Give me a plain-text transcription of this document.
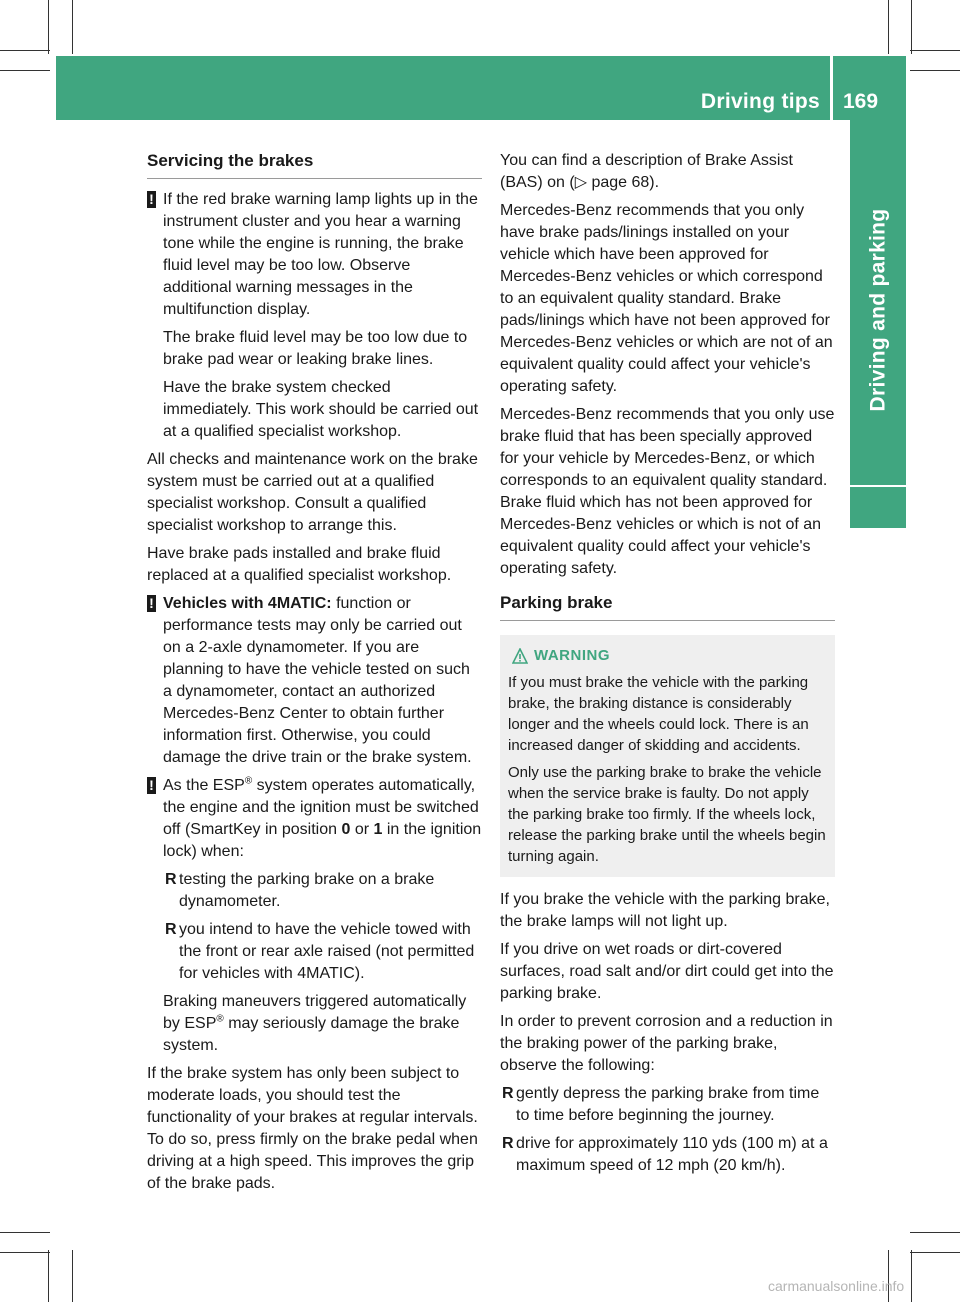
Driving tips 169
Driving and parking
Servicing the brakes
! If the red brake warning lamp lights up in the instrument cluster and you hear a warning tone while the engine is running, the brake fluid level may be too low. Observe additional warning messages in the multifunction display.

The brake fluid level may be too low due to brake pad wear or leaking brake lines.

Have the brake system checked immediately. This work should be carried out at a qualified specialist workshop.

All checks and maintenance work on the brake system must be carried out at a qualified specialist workshop. Consult a qualified specialist workshop to arrange this.

Have brake pads installed and brake fluid replaced at a qualified specialist workshop.

! Vehicles with 4MATIC: function or performance tests may only be carried out on a 2-axle dynamometer. If you are planning to have the vehicle tested on such a dynamometer, contact an authorized Mercedes-Benz Center to obtain further information first. Otherwise, you could damage the drive train or the brake system.

! As the ESP® system operates automatically, the engine and the ignition must be switched off (SmartKey in position 0 or 1 in the ignition lock) when:

R testing the parking brake on a brake dynamometer.
R you intend to have the vehicle towed with the front or rear axle raised (not permitted for vehicles with 4MATIC).

Braking maneuvers triggered automatically by ESP® may seriously damage the brake system.

If the brake system has only been subject to moderate loads, you should test the functionality of your brakes at regular intervals. To do so, press firmly on the brake pedal when driving at a high speed. This improves the grip of the brake pads.

You can find a description of Brake Assist (BAS) on (▷ page 68).

Mercedes-Benz recommends that you only have brake pads/linings installed on your vehicle which have been approved for Mercedes-Benz vehicles or which correspond to an equivalent quality standard. Brake pads/linings which have not been approved for Mercedes-Benz vehicles or which are not of an equivalent quality could affect your vehicle's operating safety.

Mercedes-Benz recommends that you only use brake fluid that has been specially approved for your vehicle by Mercedes-Benz, or which corresponds to an equivalent quality standard. Brake fluid which has not been approved for Mercedes-Benz vehicles or which is not of an equivalent quality could affect your vehicle's operating safety.

Parking brake
WARNING

If you must brake the vehicle with the parking brake, the braking distance is considerably longer and the wheels could lock. There is an increased danger of skidding and accidents.

Only use the parking brake to brake the vehicle when the service brake is faulty. Do not apply the parking brake too firmly. If the wheels lock, release the parking brake until the wheels begin turning again.

If you brake the vehicle with the parking brake, the brake lamps will not light up.

If you drive on wet roads or dirt-covered surfaces, road salt and/or dirt could get into the parking brake.

In order to prevent corrosion and a reduction in the braking power of the parking brake, observe the following:

R gently depress the parking brake from time to time before beginning the journey.
R drive for approximately 110 yds (100 m) at a maximum speed of 12 mph (20 km/h).
carmanualsonline.info
